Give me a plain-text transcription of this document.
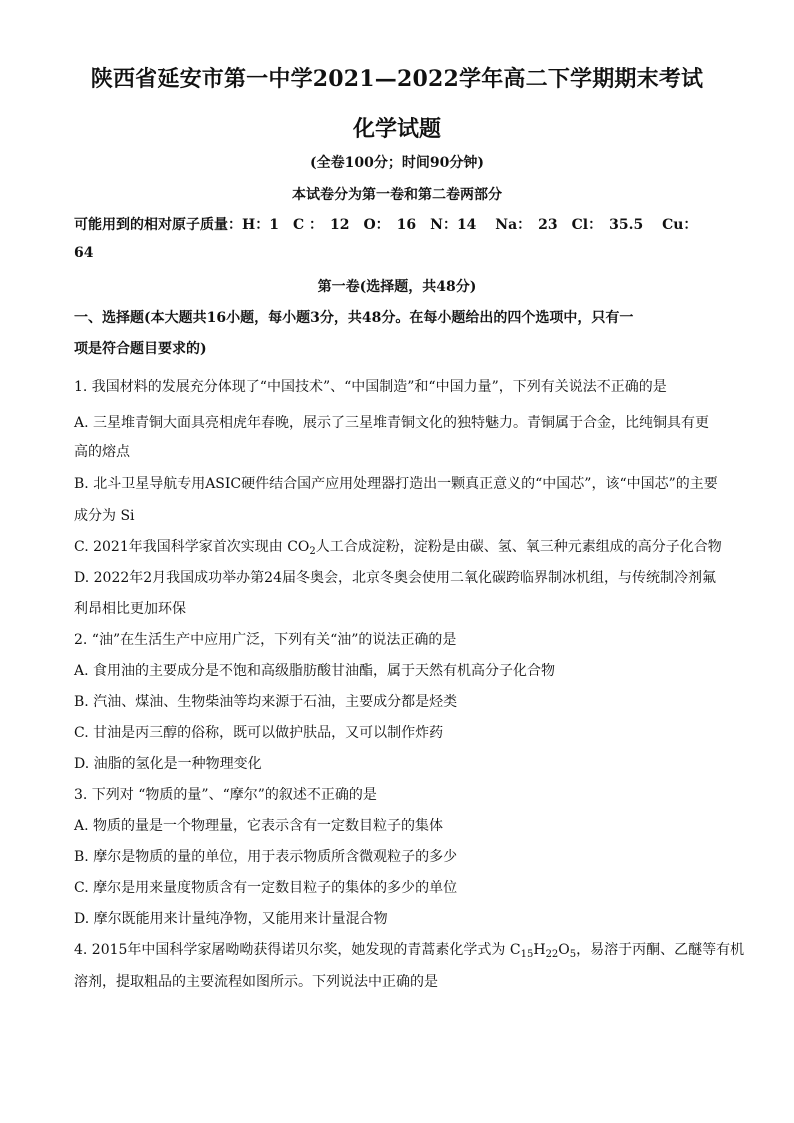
陕西省延安市第一中学2021—2022学年高二下学期期末考试
化学试题
(全卷100分；时间90分钟)
本试卷分为第一卷和第二卷两部分
可能用到的相对原子质量：H：1　C ：　12　O：　16　N：14　 Na：　23　Cl：　35.5　 Cu：
64
第一卷(选择题，共48分)
一、选择题(本大题共16小题，每小题3分，共48分。在每小题给出的四个选项中，只有一
项是符合题目要求的)
1. 我国材料的发展充分体现了“中国技术”、“中国制造”和“中国力量”，下列有关说法不正确的是
A. 三星堆青铜大面具亮相虎年春晚，展示了三星堆青铜文化的独特魅力。青铜属于合金，比纯铜具有更
高的熔点
B. 北斗卫星导航专用ASIC硬件结合国产应用处理器打造出一颗真正意义的“中国芯”，该“中国芯”的主要
成分为 Si
C. 2021年我国科学家首次实现由 $CO_2$人工合成淀粉，淀粉是由碳、氢、氧三种元素组成的高分子化合物
D. 2022年2月我国成功举办第24届冬奥会，北京冬奥会使用二氧化碳跨临界制冰机组，与传统制冷剂氟
利昂相比更加环保
2. “油”在生活生产中应用广泛，下列有关“油”的说法正确的是
A. 食用油的主要成分是不饱和高级脂肪酸甘油酯，属于天然有机高分子化合物
B. 汽油、煤油、生物柴油等均来源于石油，主要成分都是烃类
C. 甘油是丙三醇的俗称，既可以做护肤品，又可以制作炸药
D. 油脂的氢化是一种物理变化
3. 下列对 “物质的量”、“摩尔”的叙述不正确的是
A. 物质的量是一个物理量，它表示含有一定数目粒子的集体
B. 摩尔是物质的量的单位，用于表示物质所含微观粒子的多少
C. 摩尔是用来量度物质含有一定数目粒子的集体的多少的单位
D. 摩尔既能用来计量纯净物，又能用来计量混合物
4. 2015年中国科学家屠呦呦获得诺贝尔奖，她发现的青蒿素化学式为 $C_{15}H_{22}O_5$，易溶于丙酮、乙醚等有机
溶剂，提取粗品的主要流程如图所示。下列说法中正确的是
